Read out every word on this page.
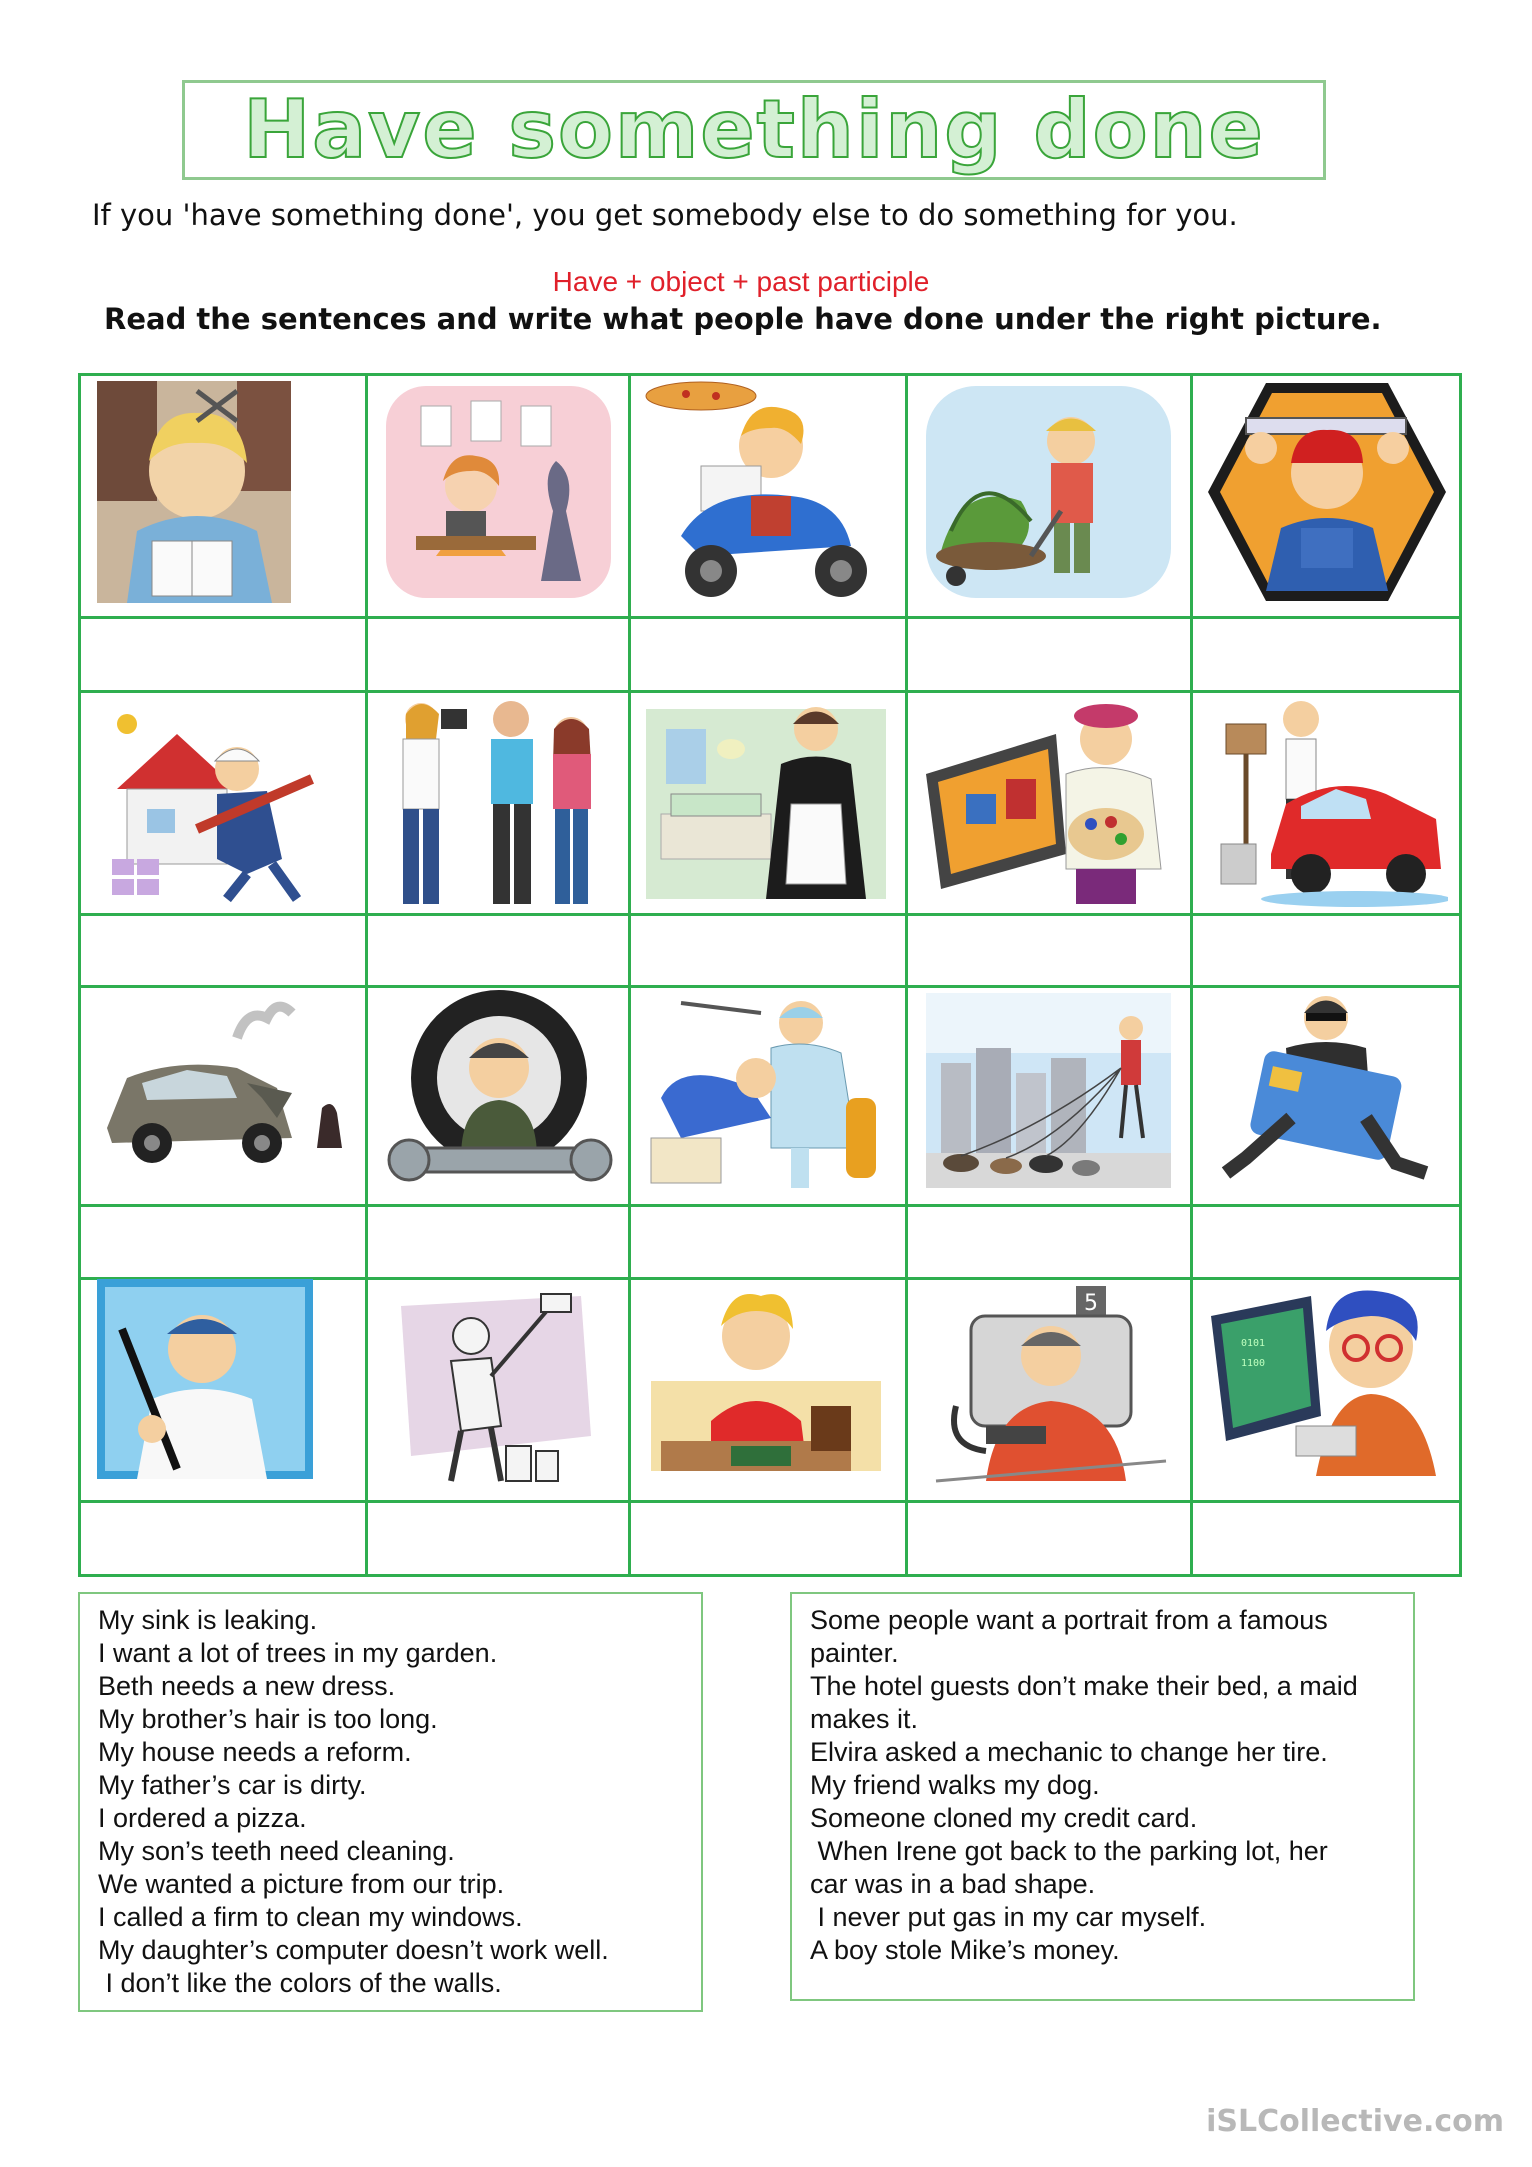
Have something done
If you 'have something done', you get somebody else to do something for you.
Have + object + past participle
Read the sentences and write what people have done under the right picture.
5
0101
1100
My sink is leaking.
I want a lot of trees in my garden.
Beth needs a new dress.
My brother’s hair is too long.
My house needs a reform.
My father’s car is dirty.
I ordered a pizza.
My son’s teeth need cleaning.
We wanted a picture from our trip.
I called a firm to clean my windows.
My daughter’s computer doesn’t work well.
I don’t like the colors of the walls.
Some people want a portrait from a famous
painter.
The hotel guests don’t make their bed, a maid
makes it.
Elvira asked a mechanic to change her tire.
My friend walks my dog.
Someone cloned my credit card.
When Irene got back to the parking lot, her
car was in a bad shape.
I never put gas in my car myself.
A boy stole Mike’s money.
iSLCollective.com
